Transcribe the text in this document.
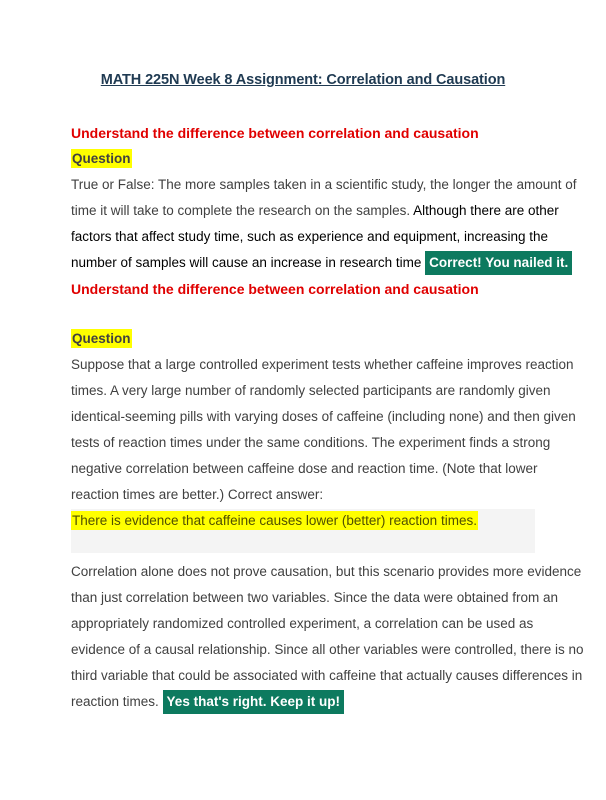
MATH 225N Week 8 Assignment: Correlation and Causation
Understand the difference between correlation and causation
Question
True or False: The more samples taken in a scientific study, the longer the amount of
time it will take to complete the research on the samples. Although there are other
factors that affect study time, such as experience and equipment, increasing the
number of samples will cause an increase in research time Correct! You nailed it.
Understand the difference between correlation and causation
Question
Suppose that a large controlled experiment tests whether caffeine improves reaction
times. A very large number of randomly selected participants are randomly given
identical-seeming pills with varying doses of caffeine (including none) and then given
tests of reaction times under the same conditions. The experiment finds a strong
negative correlation between caffeine dose and reaction time. (Note that lower
reaction times are better.) Correct answer:
There is evidence that caffeine causes lower (better) reaction times.
Correlation alone does not prove causation, but this scenario provides more evidence
than just correlation between two variables. Since the data were obtained from an
appropriately randomized controlled experiment, a correlation can be used as
evidence of a causal relationship. Since all other variables were controlled, there is no
third variable that could be associated with caffeine that actually causes differences in
reaction times. Yes that's right. Keep it up!
